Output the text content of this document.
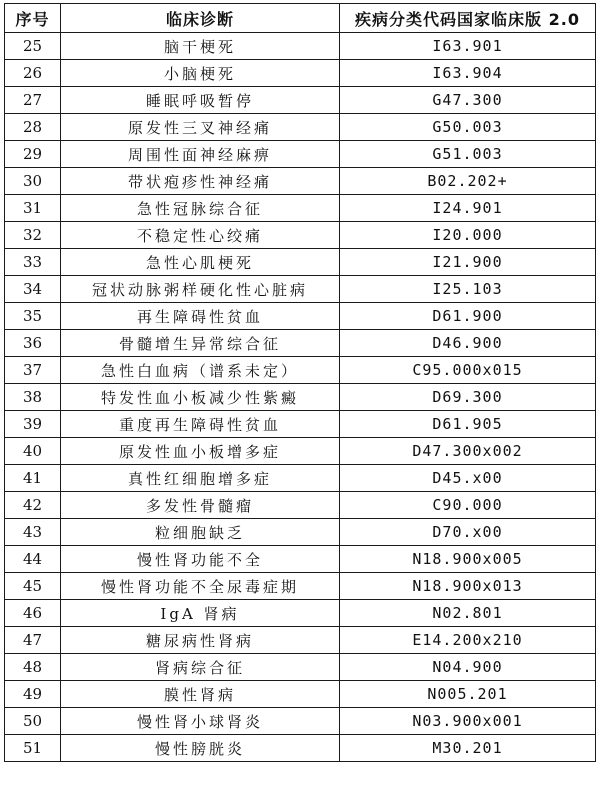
序号	临床诊断	疾病分类代码国家临床版 2.0
25	脑干梗死	I63.901
26	小脑梗死	I63.904
27	睡眠呼吸暂停	G47.300
28	原发性三叉神经痛	G50.003
29	周围性面神经麻痹	G51.003
30	带状疱疹性神经痛	B02.202+
31	急性冠脉综合征	I24.901
32	不稳定性心绞痛	I20.000
33	急性心肌梗死	I21.900
34	冠状动脉粥样硬化性心脏病	I25.103
35	再生障碍性贫血	D61.900
36	骨髓增生异常综合征	D46.900
37	急性白血病（谱系未定）	C95.000x015
38	特发性血小板减少性紫癜	D69.300
39	重度再生障碍性贫血	D61.905
40	原发性血小板增多症	D47.300x002
41	真性红细胞增多症	D45.x00
42	多发性骨髓瘤	C90.000
43	粒细胞缺乏	D70.x00
44	慢性肾功能不全	N18.900x005
45	慢性肾功能不全尿毒症期	N18.900x013
46	IgA 肾病	N02.801
47	糖尿病性肾病	E14.200x210
48	肾病综合征	N04.900
49	膜性肾病	N005.201
50	慢性肾小球肾炎	N03.900x001
51	慢性膀胱炎	M30.201
